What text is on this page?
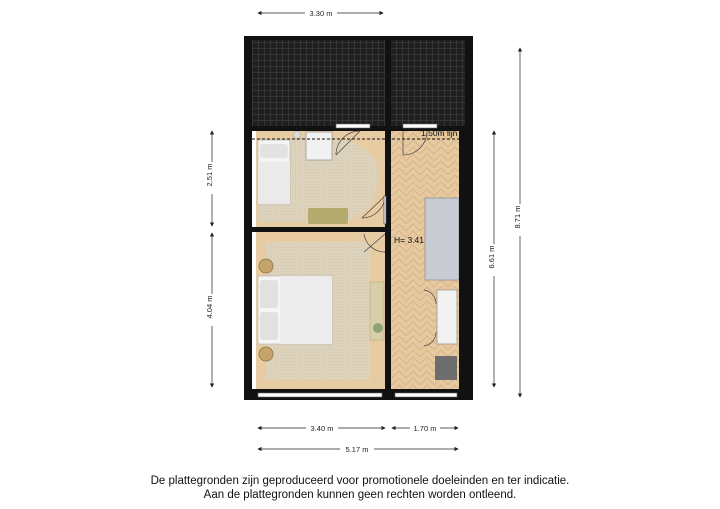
1.50m lijn
H= 3.41
3.30 m
2.51 m
4.04 m
6.61 m
8.71 m
3.40 m	1.70 m
5.17 m
De plattegronden zijn geproduceerd voor promotionele doeleinden en ter indicatie.
Aan de plattegronden kunnen geen rechten worden ontleend.
